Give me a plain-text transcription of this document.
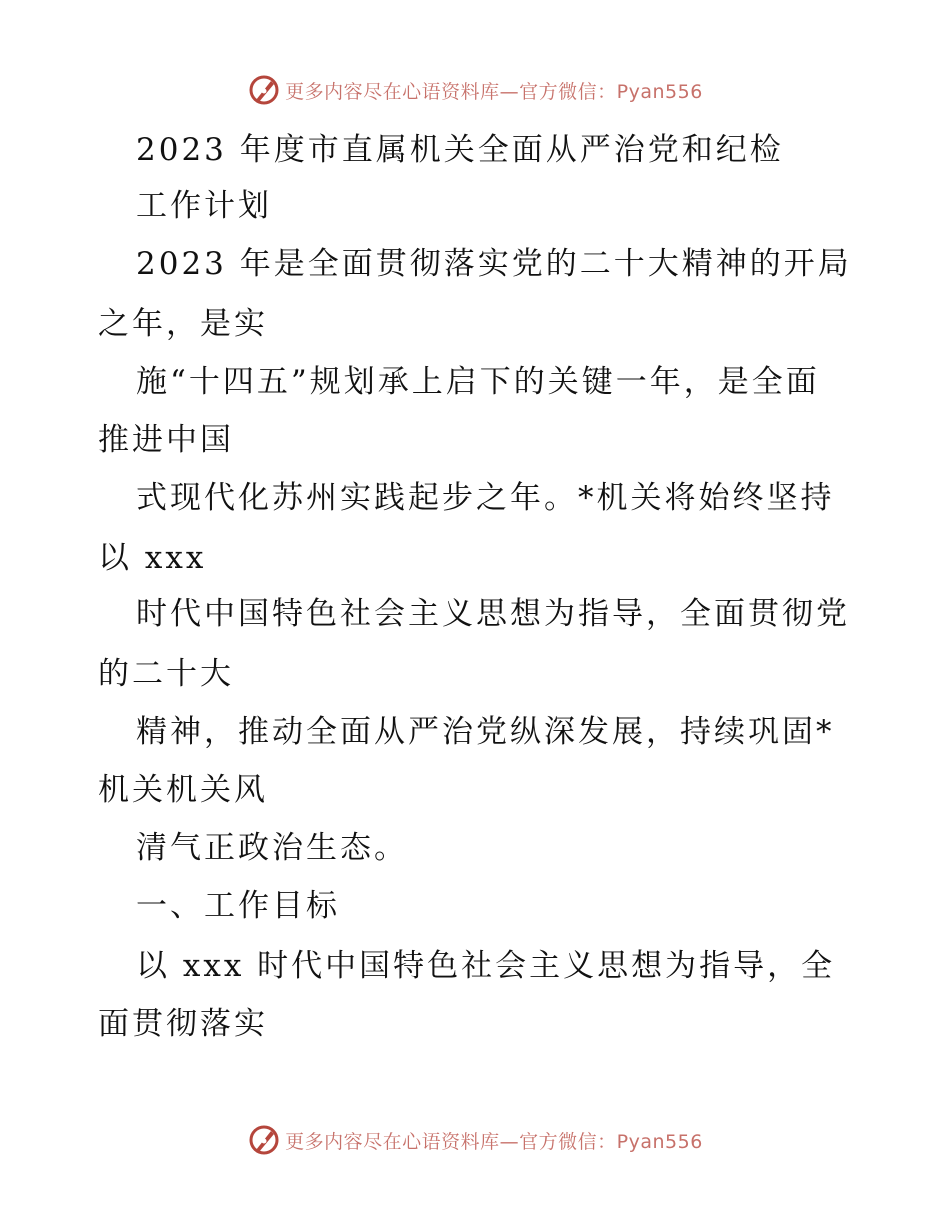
更多内容尽在心语资料库—官方微信：Pyan556
2023 年度市直属机关全面从严治党和纪检
工作计划
2023 年是全面贯彻落实党的二十大精神的开局
之年，是实
施“十四五”规划承上启下的关键一年，是全面
推进中国
式现代化苏州实践起步之年。*机关将始终坚持
以 xxx
时代中国特色社会主义思想为指导，全面贯彻党
的二十大
精神，推动全面从严治党纵深发展，持续巩固*
机关机关风
清气正政治生态。
一、工作目标
以 xxx 时代中国特色社会主义思想为指导，全
面贯彻落实
更多内容尽在心语资料库—官方微信：Pyan556
